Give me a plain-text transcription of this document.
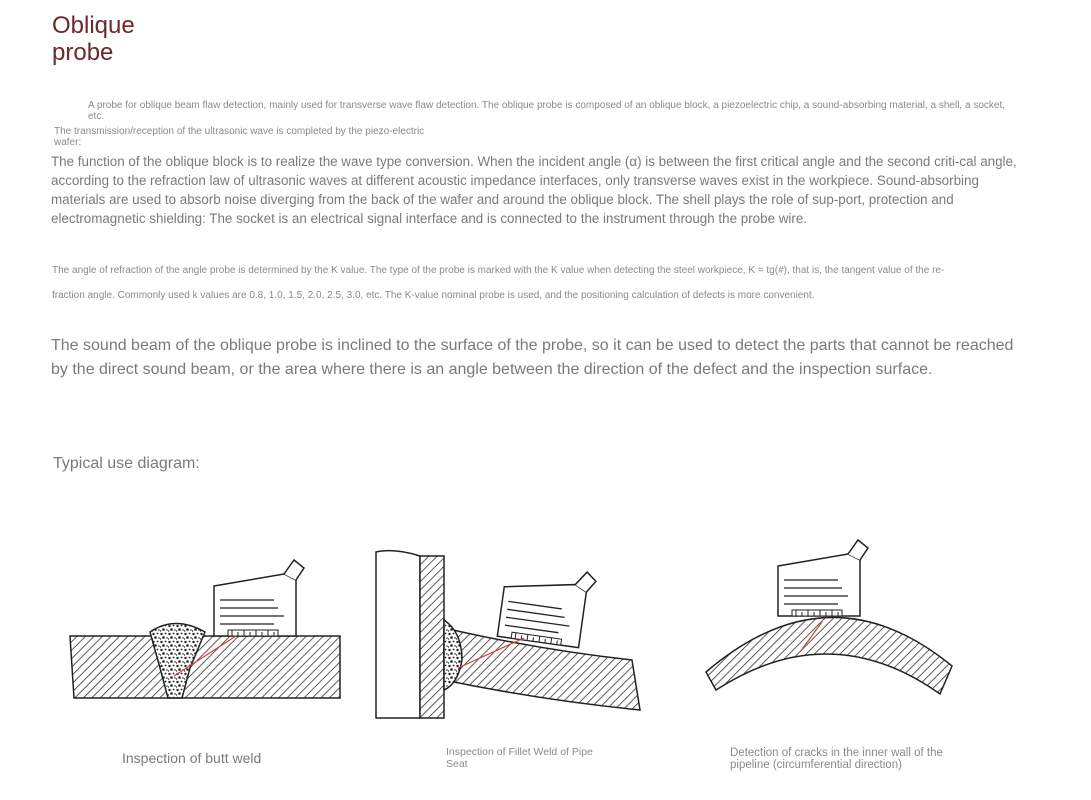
Oblique probe
A probe for oblique beam flaw detection, mainly used for transverse wave flaw detection. The oblique probe is composed of an oblique block, a piezoelectric chip, a sound-absorbing material, a shell, a socket, etc.
The transmission/reception of the ultrasonic wave is completed by the piezo-electric wafer:
The function of the oblique block is to realize the wave type conversion. When the incident angle (α) is between the first critical angle and the second criti-cal angle, according to the refraction law of ultrasonic waves at different acoustic impedance interfaces, only transverse waves exist in the workpiece. Sound-absorbing materials are used to absorb noise diverging from the back of the wafer and around the oblique block. The shell plays the role of sup-port, protection and electromagnetic shielding: The socket is an electrical signal interface and is connected to the instrument through the probe wire.
The angle of refraction of the angle probe is determined by the K value. The type of the probe is marked with the K value when detecting the steel workpiece, K = tg(#), that is, the tangent value of the re-
fraction angle. Commonly used k values are 0.8, 1.0, 1.5, 2.0, 2.5, 3.0, etc. The K-value nominal probe is used, and the positioning calculation of defects is more convenient.
The sound beam of the oblique probe is inclined to the surface of the probe, so it can be used to detect the parts that cannot be reached by the direct sound beam, or the area where there is an angle between the direction of the defect and the inspection surface.
Typical use diagram:
Inspection of butt weld	Inspection of Fillet Weld of Pipe Seat
Detection of cracks in the inner wall of the pipeline (circumferential direction)
